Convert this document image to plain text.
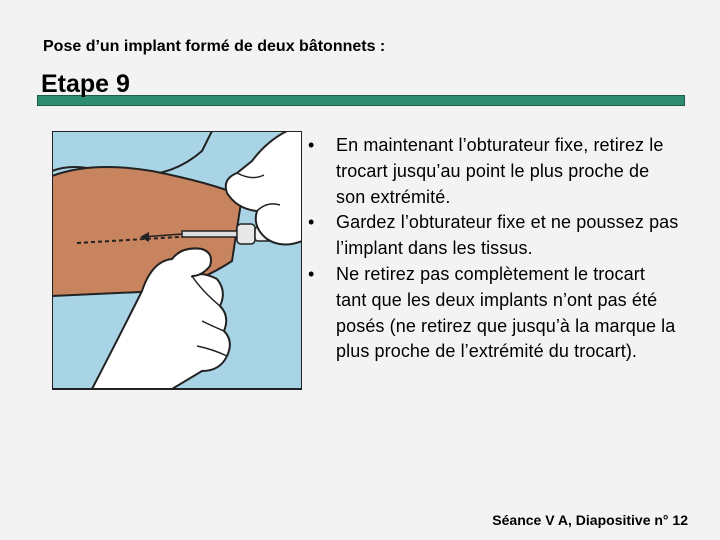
Pose d’un implant formé de deux bâtonnets :

Etape 9
• En maintenant l’obturateur fixe, retirez le trocart jusqu’au point le plus proche de son extrémité.
• Gardez l’obturateur fixe et ne poussez pas l’implant dans les tissus.
• Ne retirez pas complètement le trocart tant que les deux implants n’ont pas été posés (ne retirez que jusqu’à la marque la plus proche de l’extrémité du trocart).
Séance V A, Diapositive n° 12
